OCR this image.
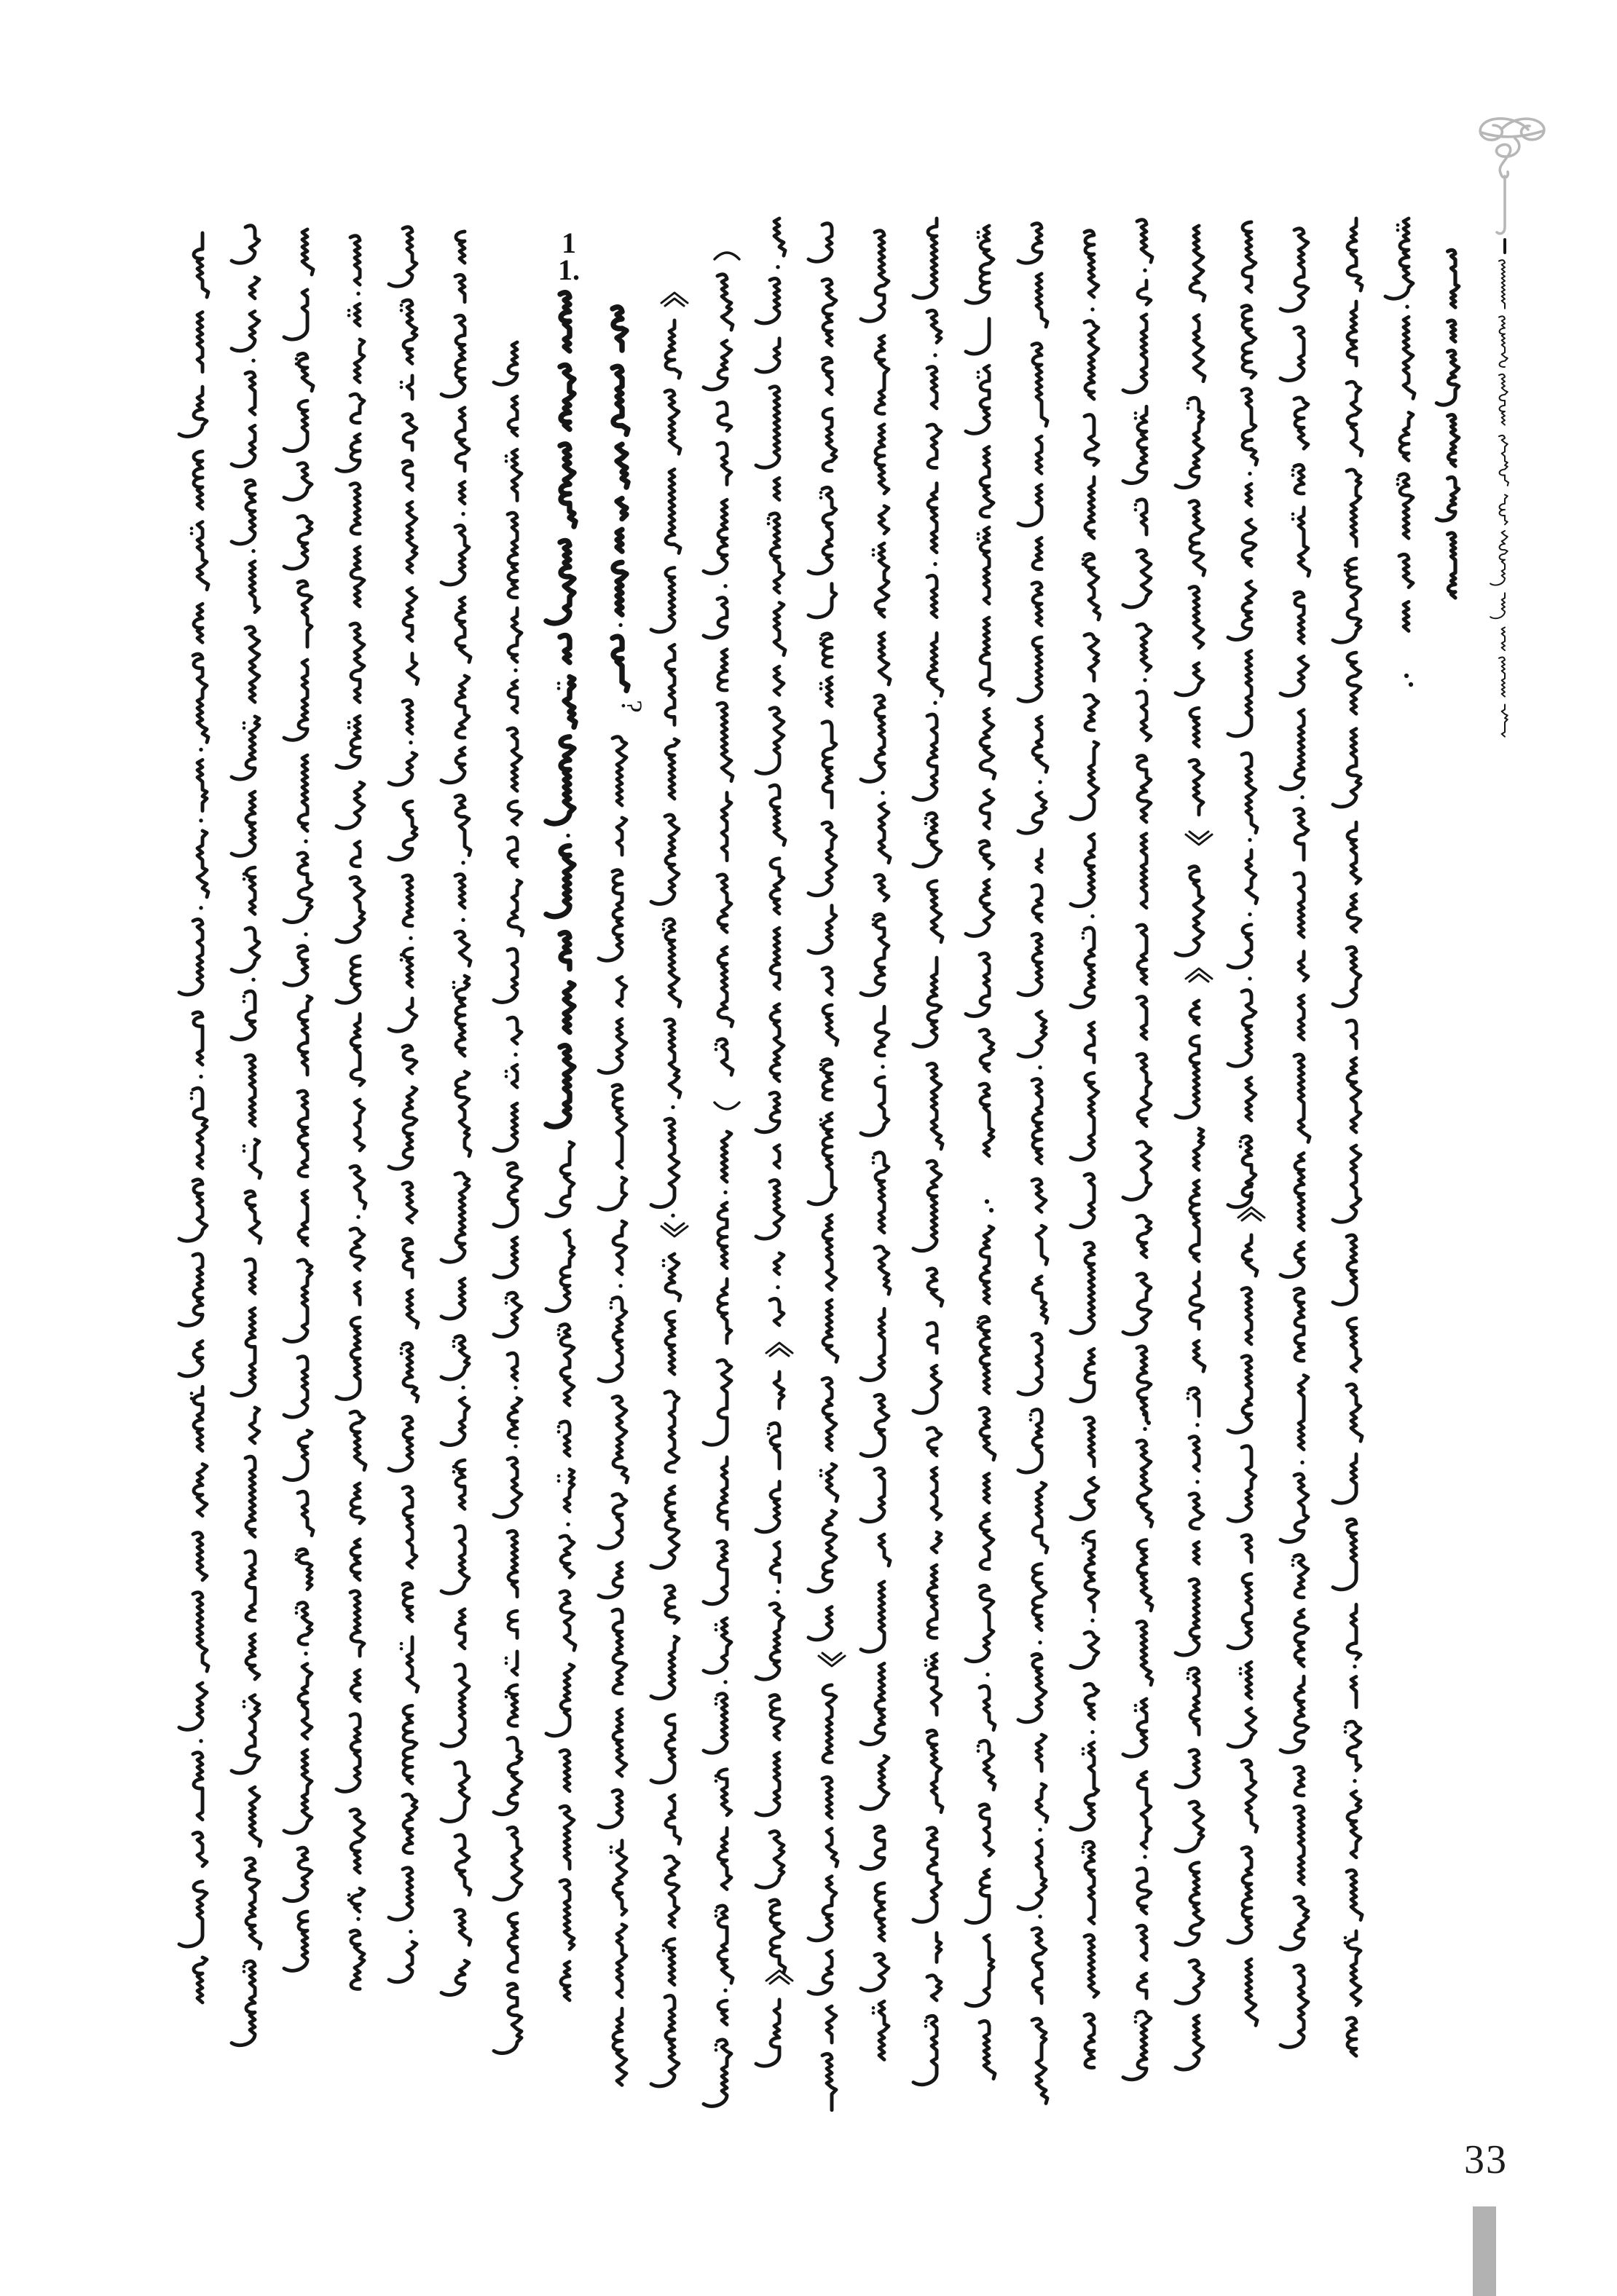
?
11.
33
